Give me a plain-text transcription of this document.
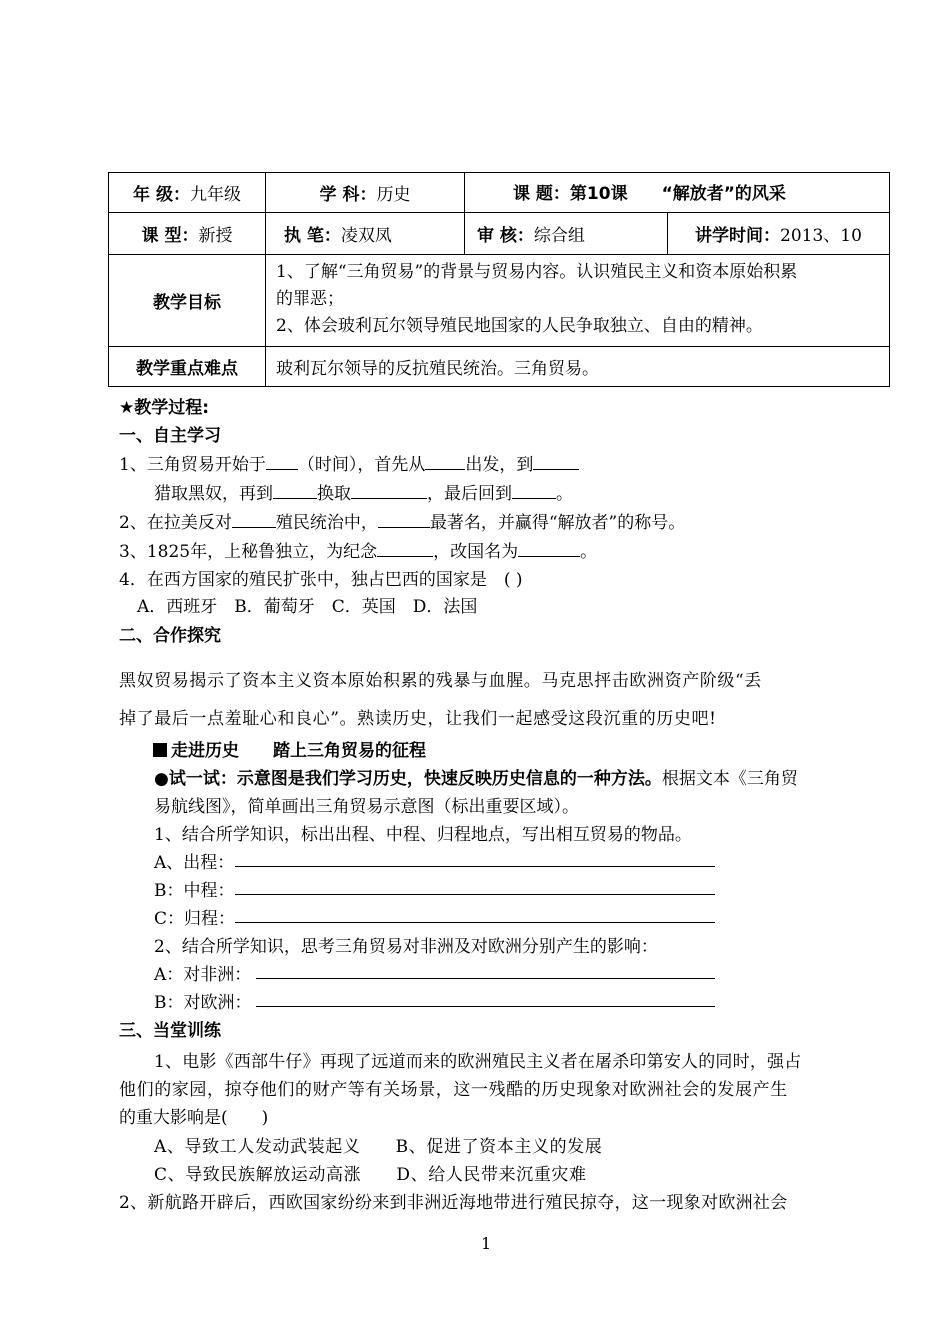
年 级：九年级	学 科：历史	课 题：第10课　　“解放者”的风采	
课 型：新授	执 笔：凌双凤	审 核：综合组	讲学时间：2013、10
教学目标	1、了解“三角贸易”的背景与贸易内容。认识殖民主义和资本原始积累
的罪恶；
2、体会玻利瓦尔领导殖民地国家的人民争取独立、自由的精神。		

教学重点难点	玻利瓦尔领导的反抗殖民统治。三角贸易。		
★教学过程:
一、自主学习
1、三角贸易开始于 （时间），首先从 出发，到
猎取黑奴，再到	换取	，最后回到	。
2、在拉美反对	殖民统治中，	最著名，并赢得“解放者”的称号。
3、1825年，上秘鲁独立，为纪念	，改国名为	。
4．在西方国家的殖民扩张中，独占巴西的国家是　( )
A．西班牙　B．葡萄牙　C．英国　D．法国
二、合作探究
黑奴贸易揭示了资本主义资本原始积累的残暴与血腥。马克思抨击欧洲资产阶级“丢
掉了最后一点羞耻心和良心”。熟读历史，让我们一起感受这段沉重的历史吧!
走进历史　　踏上三角贸易的征程
●试一试：示意图是我们学习历史，快速反映历史信息的一种方法。根据文本《三角贸
易航线图》，简单画出三角贸易示意图（标出重要区域）。
1、结合所学知识，标出出程、中程、归程地点，写出相互贸易的物品。
A、出程：
B：中程：
C：归程：
2、结合所学知识，思考三角贸易对非洲及对欧洲分别产生的影响：
A：对非洲：
B：对欧洲：
三、当堂训练
1、电影《西部牛仔》再现了远道而来的欧洲殖民主义者在屠杀印第安人的同时，强占
他们的家园，掠夺他们的财产等有关场景，这一残酷的历史现象对欧洲社会的发展产生
的重大影响是(　　)
A、导致工人发动武装起义　　B、促进了资本主义的发展
C、导致民族解放运动高涨　　D、给人民带来沉重灾难
2、新航路开辟后，西欧国家纷纷来到非洲近海地带进行殖民掠夺，这一现象对欧洲社会
1
